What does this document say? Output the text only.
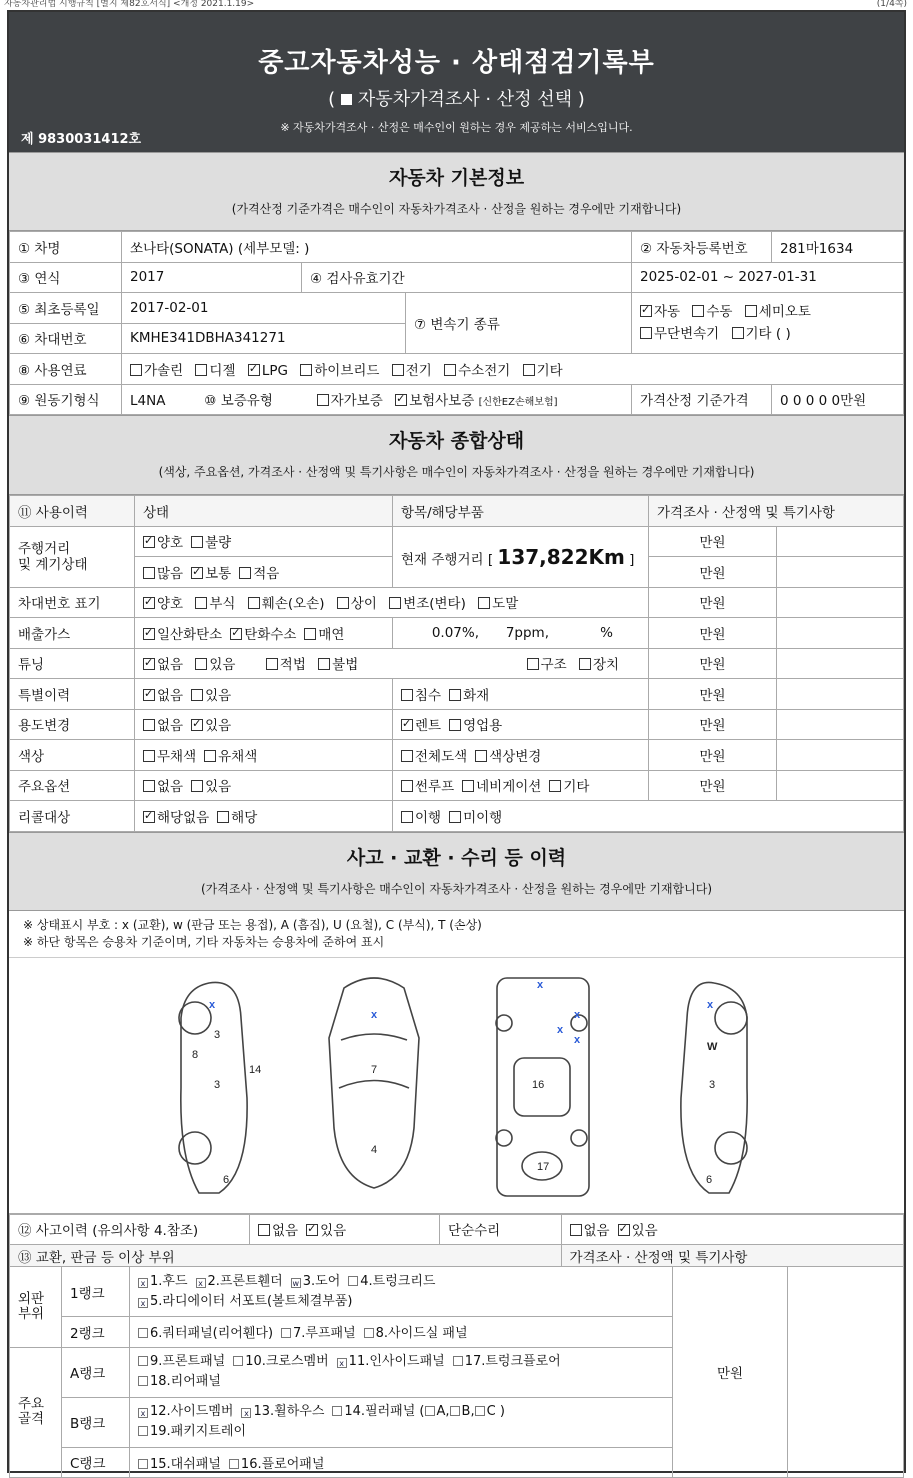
자동차관리법 시행규칙 [별지 제82호서식] <개정 2021.1.19>	(1/4쪽)
중고자동차성능 · 상태점검기록부
( 자동차가격조사 · 산정 선택 )
※ 자동차가격조사 · 산정은 매수인이 원하는 경우 제공하는 서비스입니다.
제 9830031412호
자동차 기본정보
(가격산정 기준가격은 매수인이 자동차가격조사 · 산정을 원하는 경우에만 기재합니다)
① 차명	쏘나타(SONATA) (세부모델: )			② 자동차등록번호	281마1634
③ 연식	2017	④ 검사유효기간		2025-02-01 ~ 2027-01-31	
⑤ 최초등록일	2017-02-01		⑦ 변속기 종류	✓자동 수동 세미오토
무단변속기 기타 ( )
⑥ 차대번호	KMHE341DBHA341271				
⑧ 사용연료	가솔린 디젤 ✓ LPG 하이브리드 전기 수소전기 기타
⑨ 원동기형식	L4NA ⑩ 보증유형 자가보증 ✓ 보험사보증 [신한EZ손해보험]			가격산정 기준가격	0 0 0 0 0만원
자동차 종합상태
(색상, 주요옵션, 가격조사 · 산정액 및 특기사항은 매수인이 자동차가격조사 · 산정을 원하는 경우에만 기재합니다)
⑪ 사용이력	상태	항목/해당부품	가격조사 · 산정액 및 특기사항	
주행거리
및 계기상태	✓양호 불량	현재 주행거리 [ 137,822Km ]	만원	
	많음 ✓ 보통 적음		만원	
차대번호 표기	✓양호 부식 훼손(오손) 상이 변조(변타) 도말		만원	
배출가스	✓일산화탄소 ✓ 탄화수소 매연	0.07%, 7ppm, %	만원	
튜닝	✓없음 있음 적법 불법 구조 장치		만원	
특별이력	✓없음 있음	침수 화재	만원	
용도변경	없음 ✓ 있음	✓렌트 영업용	만원	
색상	무채색 유채색	전체도색 색상변경	만원	
주요옵션	없음 있음	썬루프 네비게이션 기타	만원	
리콜대상	✓해당없음 해당	이행 미이행		
사고 · 교환 · 수리 등 이력
(가격조사 · 산정액 및 특기사항은 매수인이 자동차가격조사 · 산정을 원하는 경우에만 기재합니다)
※ 상태표시 부호 : x (교환), w (판금 또는 용접), A (흠집), U (요철), C (부식), T (손상)
※ 하단 항목은 승용차 기준이며, 기타 자동차는 승용차에 준하여 표시
3
3
8
14
6
7
4
16
17
3
6
W
x
x
x
x
x
x
x
⑫ 사고이력 (유의사항 4.참조)	없음 ✓ 있음	단순수리	없음 ✓ 있음
⑬ 교환, 판금 등 이상 부위			가격조사 · 산정액 및 특기사항
외판
부위	1랭크	x 1.후드 x 2.프론트휀더 w 3.도어 4.트렁크리드
x 5.라디에이터 서포트(볼트체결부품)	만원	
	2랭크	6.쿼터패널(리어휀다) 7.루프패널 8.사이드실 패널		
주요
골격	A랭크	9.프론트패널 10.크로스멤버 x 11.인사이드패널 17.트렁크플로어
18.리어패널		
	B랭크	x 12.사이드멤버 x 13.휠하우스 14.필러패널 ( A, B, C )
19.패키지트레이		
	C랭크	15.대쉬패널 16.플로어패널		
